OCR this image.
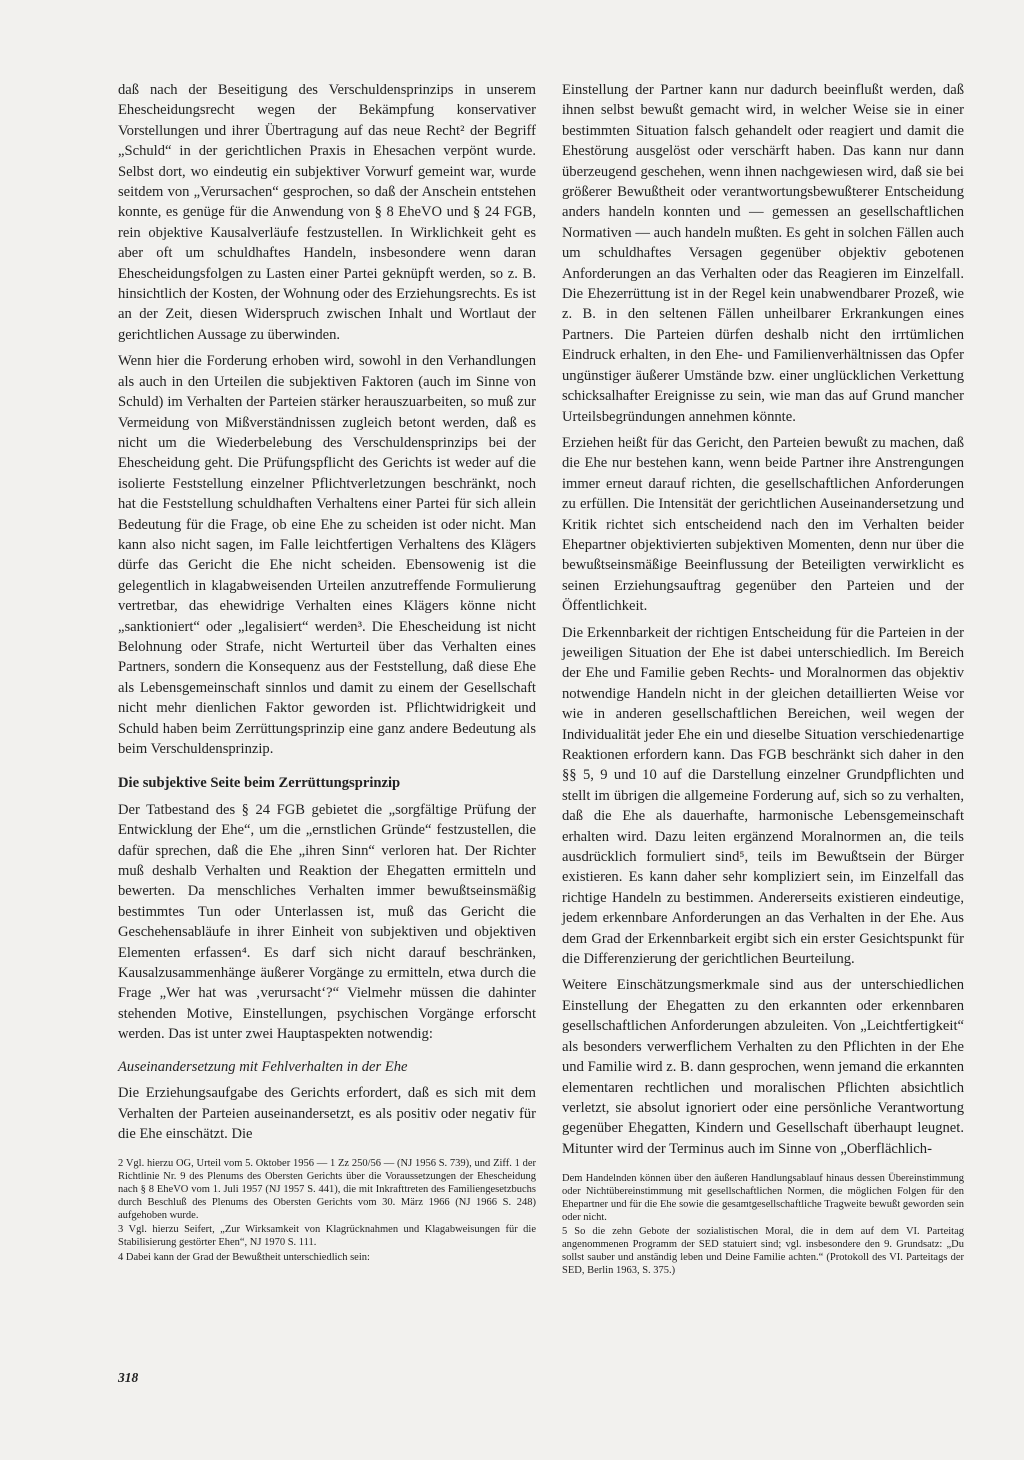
daß nach der Beseitigung des Verschuldensprinzips in unserem Ehescheidungsrecht wegen der Bekämpfung konservativer Vorstellungen und ihrer Übertragung auf das neue Recht² der Begriff „Schuld“ in der gerichtlichen Praxis in Ehesachen verpönt wurde. Selbst dort, wo eindeutig ein subjektiver Vorwurf gemeint war, wurde seitdem von „Verursachen“ gesprochen, so daß der Anschein entstehen konnte, es genüge für die Anwendung von § 8 EheVO und § 24 FGB, rein objektive Kausalverläufe festzustellen. In Wirklichkeit geht es aber oft um schuldhaftes Handeln, insbesondere wenn daran Ehescheidungsfolgen zu Lasten einer Partei geknüpft werden, so z. B. hinsichtlich der Kosten, der Wohnung oder des Erziehungsrechts. Es ist an der Zeit, diesen Widerspruch zwischen Inhalt und Wortlaut der gerichtlichen Aussage zu überwinden.

Wenn hier die Forderung erhoben wird, sowohl in den Verhandlungen als auch in den Urteilen die subjektiven Faktoren (auch im Sinne von Schuld) im Verhalten der Parteien stärker herauszuarbeiten, so muß zur Vermeidung von Mißverständnissen zugleich betont werden, daß es nicht um die Wiederbelebung des Verschuldensprinzips bei der Ehescheidung geht. Die Prüfungspflicht des Gerichts ist weder auf die isolierte Feststellung einzelner Pflichtverletzungen beschränkt, noch hat die Feststellung schuldhaften Verhaltens einer Partei für sich allein Bedeutung für die Frage, ob eine Ehe zu scheiden ist oder nicht. Man kann also nicht sagen, im Falle leichtfertigen Verhaltens des Klägers dürfe das Gericht die Ehe nicht scheiden. Ebensowenig ist die gelegentlich in klagabweisenden Urteilen anzutreffende Formulierung vertretbar, das ehewidrige Verhalten eines Klägers könne nicht „sanktioniert“ oder „legalisiert“ werden³. Die Ehescheidung ist nicht Belohnung oder Strafe, nicht Werturteil über das Verhalten eines Partners, sondern die Konsequenz aus der Feststellung, daß diese Ehe als Lebensgemeinschaft sinnlos und damit zu einem der Gesellschaft nicht mehr dienlichen Faktor geworden ist. Pflichtwidrigkeit und Schuld haben beim Zerrüttungsprinzip eine ganz andere Bedeutung als beim Verschuldensprinzip.

Die subjektive Seite beim Zerrüttungsprinzip

Der Tatbestand des § 24 FGB gebietet die „sorgfältige Prüfung der Entwicklung der Ehe“, um die „ernstlichen Gründe“ festzustellen, die dafür sprechen, daß die Ehe „ihren Sinn“ verloren hat. Der Richter muß deshalb Verhalten und Reaktion der Ehegatten ermitteln und bewerten. Da menschliches Verhalten immer bewußtseinsmäßig bestimmtes Tun oder Unterlassen ist, muß das Gericht die Geschehensabläufe in ihrer Einheit von subjektiven und objektiven Elementen erfassen⁴. Es darf sich nicht darauf beschränken, Kausalzusammenhänge äußerer Vorgänge zu ermitteln, etwa durch die Frage „Wer hat was ‚verursacht‘?“ Vielmehr müssen die dahinter stehenden Motive, Einstellungen, psychischen Vorgänge erforscht werden. Das ist unter zwei Hauptaspekten notwendig:

Auseinandersetzung mit Fehlverhalten in der Ehe

Die Erziehungsaufgabe des Gerichts erfordert, daß es sich mit dem Verhalten der Parteien auseinandersetzt, es als positiv oder negativ für die Ehe einschätzt. Die

2 Vgl. hierzu OG, Urteil vom 5. Oktober 1956 — 1 Zz 250/56 — (NJ 1956 S. 739), und Ziff. 1 der Richtlinie Nr. 9 des Plenums des Obersten Gerichts über die Voraussetzungen der Ehescheidung nach § 8 EheVO vom 1. Juli 1957 (NJ 1957 S. 441), die mit Inkrafttreten des Familiengesetzbuchs durch Beschluß des Plenums des Obersten Gerichts vom 30. März 1966 (NJ 1966 S. 248) aufgehoben wurde.

3 Vgl. hierzu Seifert, „Zur Wirksamkeit von Klagrücknahmen und Klagabweisungen für die Stabilisierung gestörter Ehen“, NJ 1970 S. 111.

4 Dabei kann der Grad der Bewußtheit unterschiedlich sein:

Einstellung der Partner kann nur dadurch beeinflußt werden, daß ihnen selbst bewußt gemacht wird, in welcher Weise sie in einer bestimmten Situation falsch gehandelt oder reagiert und damit die Ehestörung ausgelöst oder verschärft haben. Das kann nur dann überzeugend geschehen, wenn ihnen nachgewiesen wird, daß sie bei größerer Bewußtheit oder verantwortungsbewußterer Entscheidung anders handeln konnten und — gemessen an gesellschaftlichen Normativen — auch handeln mußten. Es geht in solchen Fällen auch um schuldhaftes Versagen gegenüber objektiv gebotenen Anforderungen an das Verhalten oder das Reagieren im Einzelfall. Die Ehezerrüttung ist in der Regel kein unabwendbarer Prozeß, wie z. B. in den seltenen Fällen unheilbarer Erkrankungen eines Partners. Die Parteien dürfen deshalb nicht den irrtümlichen Eindruck erhalten, in den Ehe- und Familienverhältnissen das Opfer ungünstiger äußerer Umstände bzw. einer unglücklichen Verkettung schicksalhafter Ereignisse zu sein, wie man das auf Grund mancher Urteilsbegründungen annehmen könnte.

Erziehen heißt für das Gericht, den Parteien bewußt zu machen, daß die Ehe nur bestehen kann, wenn beide Partner ihre Anstrengungen immer erneut darauf richten, die gesellschaftlichen Anforderungen zu erfüllen. Die Intensität der gerichtlichen Auseinandersetzung und Kritik richtet sich entscheidend nach den im Verhalten beider Ehepartner objektivierten subjektiven Momenten, denn nur über die bewußtseinsmäßige Beeinflussung der Beteiligten verwirklicht es seinen Erziehungsauftrag gegenüber den Parteien und der Öffentlichkeit.

Die Erkennbarkeit der richtigen Entscheidung für die Parteien in der jeweiligen Situation der Ehe ist dabei unterschiedlich. Im Bereich der Ehe und Familie geben Rechts- und Moralnormen das objektiv notwendige Handeln nicht in der gleichen detaillierten Weise vor wie in anderen gesellschaftlichen Bereichen, weil wegen der Individualität jeder Ehe ein und dieselbe Situation verschiedenartige Reaktionen erfordern kann. Das FGB beschränkt sich daher in den §§ 5, 9 und 10 auf die Darstellung einzelner Grundpflichten und stellt im übrigen die allgemeine Forderung auf, sich so zu verhalten, daß die Ehe als dauerhafte, harmonische Lebensgemeinschaft erhalten wird. Dazu leiten ergänzend Moralnormen an, die teils ausdrücklich formuliert sind⁵, teils im Bewußtsein der Bürger existieren. Es kann daher sehr kompliziert sein, im Einzelfall das richtige Handeln zu bestimmen. Andererseits existieren eindeutige, jedem erkennbare Anforderungen an das Verhalten in der Ehe. Aus dem Grad der Erkennbarkeit ergibt sich ein erster Gesichtspunkt für die Differenzierung der gerichtlichen Beurteilung.

Weitere Einschätzungsmerkmale sind aus der unterschiedlichen Einstellung der Ehegatten zu den erkannten oder erkennbaren gesellschaftlichen Anforderungen abzuleiten. Von „Leichtfertigkeit“ als besonders verwerflichem Verhalten zu den Pflichten in der Ehe und Familie wird z. B. dann gesprochen, wenn jemand die erkannten elementaren rechtlichen und moralischen Pflichten absichtlich verletzt, sie absolut ignoriert oder eine persönliche Verantwortung gegenüber Ehegatten, Kindern und Gesellschaft überhaupt leugnet. Mitunter wird der Terminus auch im Sinne von „Oberflächlich-

Dem Handelnden können über den äußeren Handlungsablauf hinaus dessen Übereinstimmung oder Nichtübereinstimmung mit gesellschaftlichen Normen, die möglichen Folgen für den Ehepartner und für die Ehe sowie die gesamtgesellschaftliche Tragweite bewußt geworden sein oder nicht.

5 So die zehn Gebote der sozialistischen Moral, die in dem auf dem VI. Parteitag angenommenen Programm der SED statuiert sind; vgl. insbesondere den 9. Grundsatz: „Du sollst sauber und anständig leben und Deine Familie achten.“ (Protokoll des VI. Parteitags der SED, Berlin 1963, S. 375.)

318
